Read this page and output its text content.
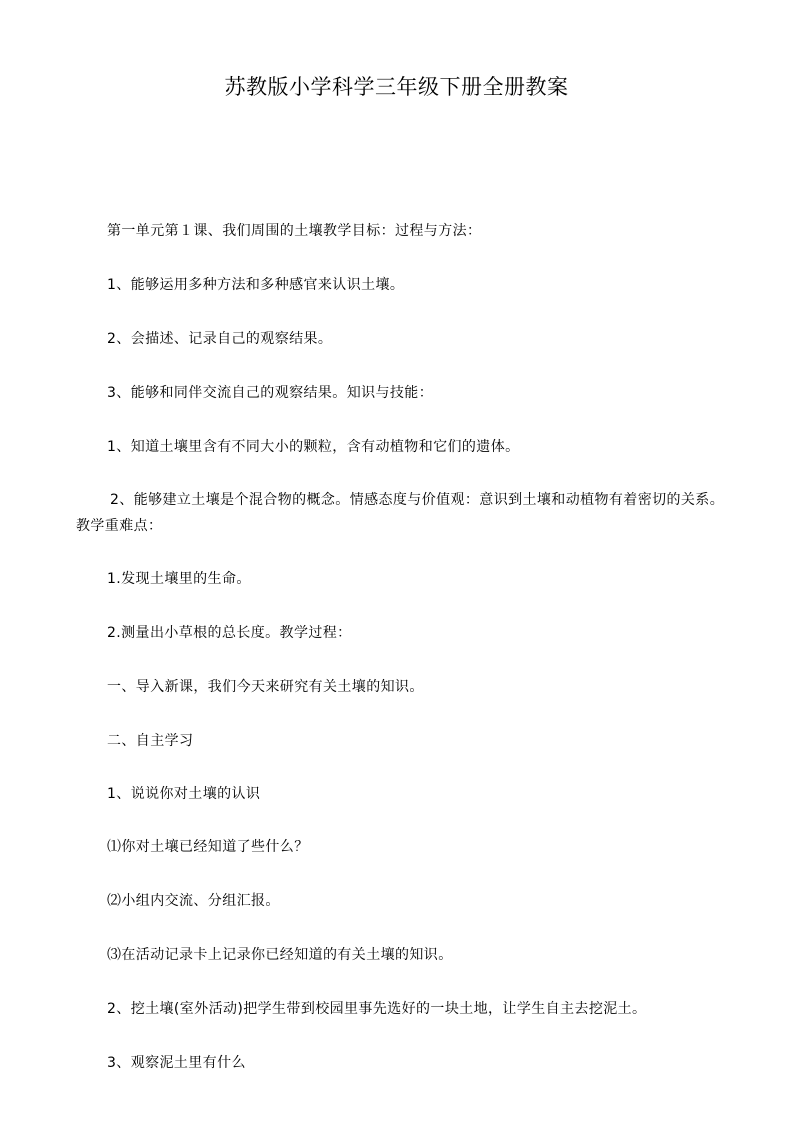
苏教版小学科学三年级下册全册教案
第一单元第１课、我们周围的土壤教学目标：过程与方法：
1、能够运用多种方法和多种感官来认识土壤。
2、会描述、记录自己的观察结果。
3、能够和同伴交流自己的观察结果。知识与技能：
1、知道土壤里含有不同大小的颗粒，含有动植物和它们的遗体。
2、能够建立土壤是个混合物的概念。情感态度与价值观：意识到土壤和动植物有着密切的关系。教学重难点：
1.发现土壤里的生命。
2.测量出小草根的总长度。教学过程：
一、导入新课，我们今天来研究有关土壤的知识。
二、自主学习
1、说说你对土壤的认识
⑴你对土壤已经知道了些什么？
⑵小组内交流、分组汇报。
⑶在活动记录卡上记录你已经知道的有关土壤的知识。
2、挖土壤(室外活动)把学生带到校园里事先选好的一块土地，让学生自主去挖泥土。
3、观察泥土里有什么
